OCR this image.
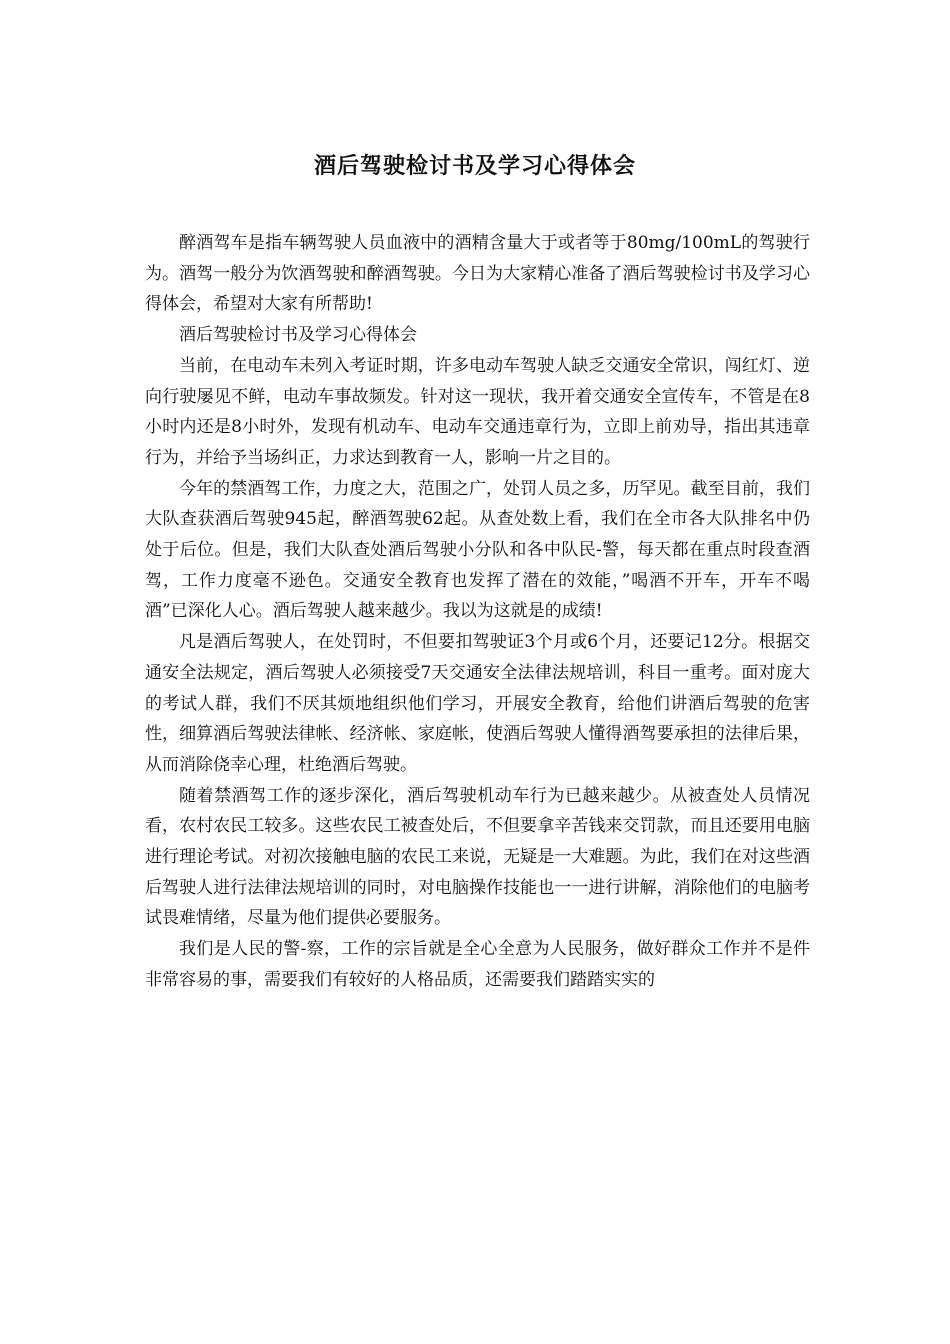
酒后驾驶检讨书及学习心得体会

醉酒驾车是指车辆驾驶人员血液中的酒精含量大于或者等于80mg/100mL的驾驶行为。酒驾一般分为饮酒驾驶和醉酒驾驶。今日为大家精心准备了酒后驾驶检讨书及学习心得体会，希望对大家有所帮助!

酒后驾驶检讨书及学习心得体会

当前，在电动车未列入考证时期，许多电动车驾驶人缺乏交通安全常识，闯红灯、逆向行驶屡见不鲜，电动车事故频发。针对这一现状，我开着交通安全宣传车，不管是在8小时内还是8小时外，发现有机动车、电动车交通违章行为，立即上前劝导，指出其违章行为，并给予当场纠正，力求达到教育一人，影响一片之目的。

今年的禁酒驾工作，力度之大，范围之广，处罚人员之多，历罕见。截至目前，我们大队查获酒后驾驶945起，醉酒驾驶62起。从查处数上看，我们在全市各大队排名中仍处于后位。但是，我们大队查处酒后驾驶小分队和各中队民-警，每天都在重点时段查酒驾，工作力度毫不逊色。交通安全教育也发挥了潜在的效能，”喝酒不开车，开车不喝酒”已深化人心。酒后驾驶人越来越少。我以为这就是的成绩!

凡是酒后驾驶人，在处罚时，不但要扣驾驶证3个月或6个月，还要记12分。根据交通安全法规定，酒后驾驶人必须接受7天交通安全法律法规培训，科目一重考。面对庞大的考试人群，我们不厌其烦地组织他们学习，开展安全教育，给他们讲酒后驾驶的危害性，细算酒后驾驶法律帐、经济帐、家庭帐，使酒后驾驶人懂得酒驾要承担的法律后果，从而消除侥幸心理，杜绝酒后驾驶。

随着禁酒驾工作的逐步深化，酒后驾驶机动车行为已越来越少。从被查处人员情况看，农村农民工较多。这些农民工被查处后，不但要拿辛苦钱来交罚款，而且还要用电脑进行理论考试。对初次接触电脑的农民工来说，无疑是一大难题。为此，我们在对这些酒后驾驶人进行法律法规培训的同时，对电脑操作技能也一一进行讲解，消除他们的电脑考试畏难情绪，尽量为他们提供必要服务。

我们是人民的警-察，工作的宗旨就是全心全意为人民服务，做好群众工作并不是件非常容易的事，需要我们有较好的人格品质，还需要我们踏踏实实的
